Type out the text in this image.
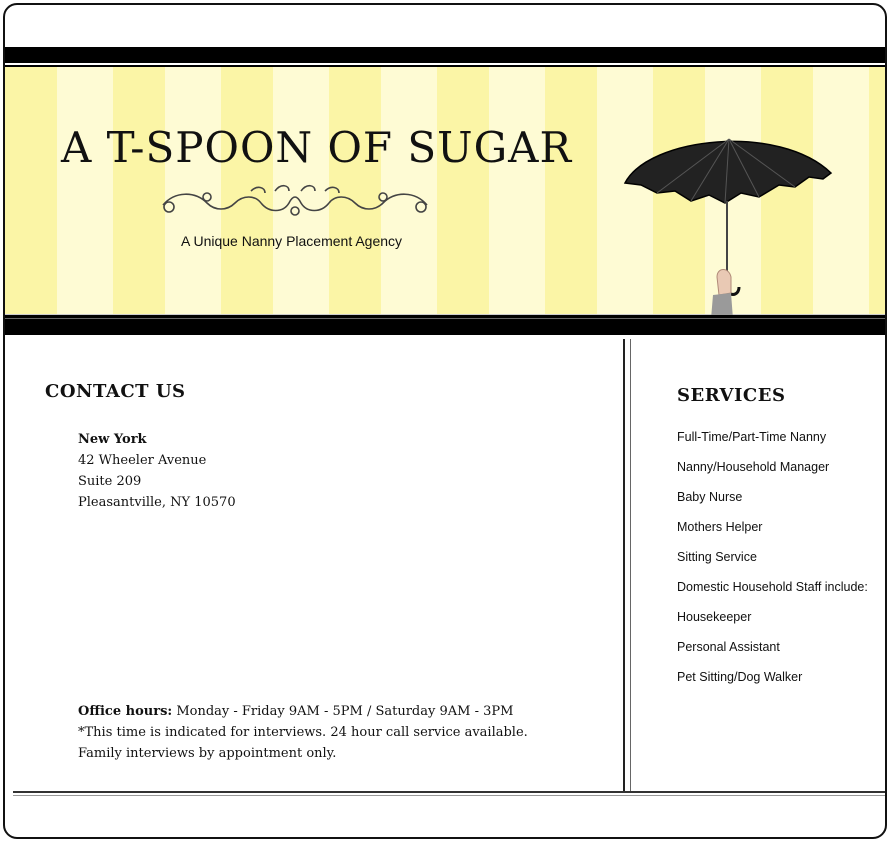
A T-SPOON OF SUGAR
A Unique Nanny Placement Agency
CONTACT US
New York
42 Wheeler Avenue
Suite 209
Pleasantville, NY 10570
Office hours: Monday - Friday 9AM - 5PM / Saturday 9AM - 3PM
*This time is indicated for interviews. 24 hour call service available.
Family interviews by appointment only.
SERVICES
Full-Time/Part-Time Nanny
Nanny/Household Manager
Baby Nurse
Mothers Helper
Sitting Service
Domestic Household Staff include:
Housekeeper
Personal Assistant
Pet Sitting/Dog Walker
